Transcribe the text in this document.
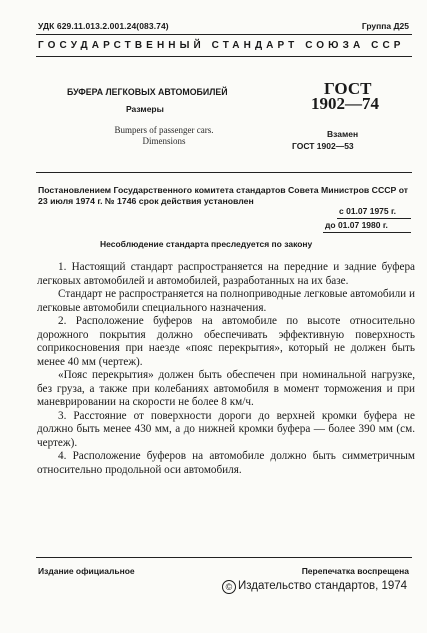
УДК 629.11.013.2.001.24(083.74)	Группа Д25
ГОСУДАРСТВЕННЫЙ СТАНДАРТ СОЮЗА ССР
БУФЕРА ЛЕГКОВЫХ АВТОМОБИЛЕЙ
Размеры
Bumpers of passenger cars.
Dimensions
ГОСТ
1902—74
Взамен
ГОСТ 1902—53
Постановлением Государственного комитета стандартов Совета Министров СССР от 23 июля 1974 г. № 1746 срок действия установлен
с 01.07 1975 г.
до 01.07 1980 г.
Несоблюдение стандарта преследуется по закону

1. Настоящий стандарт распространяется на передние и задние буфера легковых автомобилей и автомобилей, разработанных на их базе.

Стандарт не распространяется на полноприводные легковые автомобили и легковые автомобили специального назначения.

2. Расположение буферов на автомобиле по высоте относительно дорожного покрытия должно обеспечивать эффективную поверхность соприкосновения при наезде «пояс перекрытия», который не должен быть менее 40 мм (чертеж).

«Пояс перекрытия» должен быть обеспечен при номинальной нагрузке, без груза, а также при колебаниях автомобиля в момент торможения и при маневрировании на скорости не более 8 км/ч.

3. Расстояние от поверхности дороги до верхней кромки буфера не должно быть менее 430 мм, а до нижней кромки буфера — более 390 мм (см. чертеж).

4. Расположение буферов на автомобиле должно быть симметричным относительно продольной оси автомобиля.

Издание официальное	Перепечатка воспрещена
© Издательство стандартов, 1974
